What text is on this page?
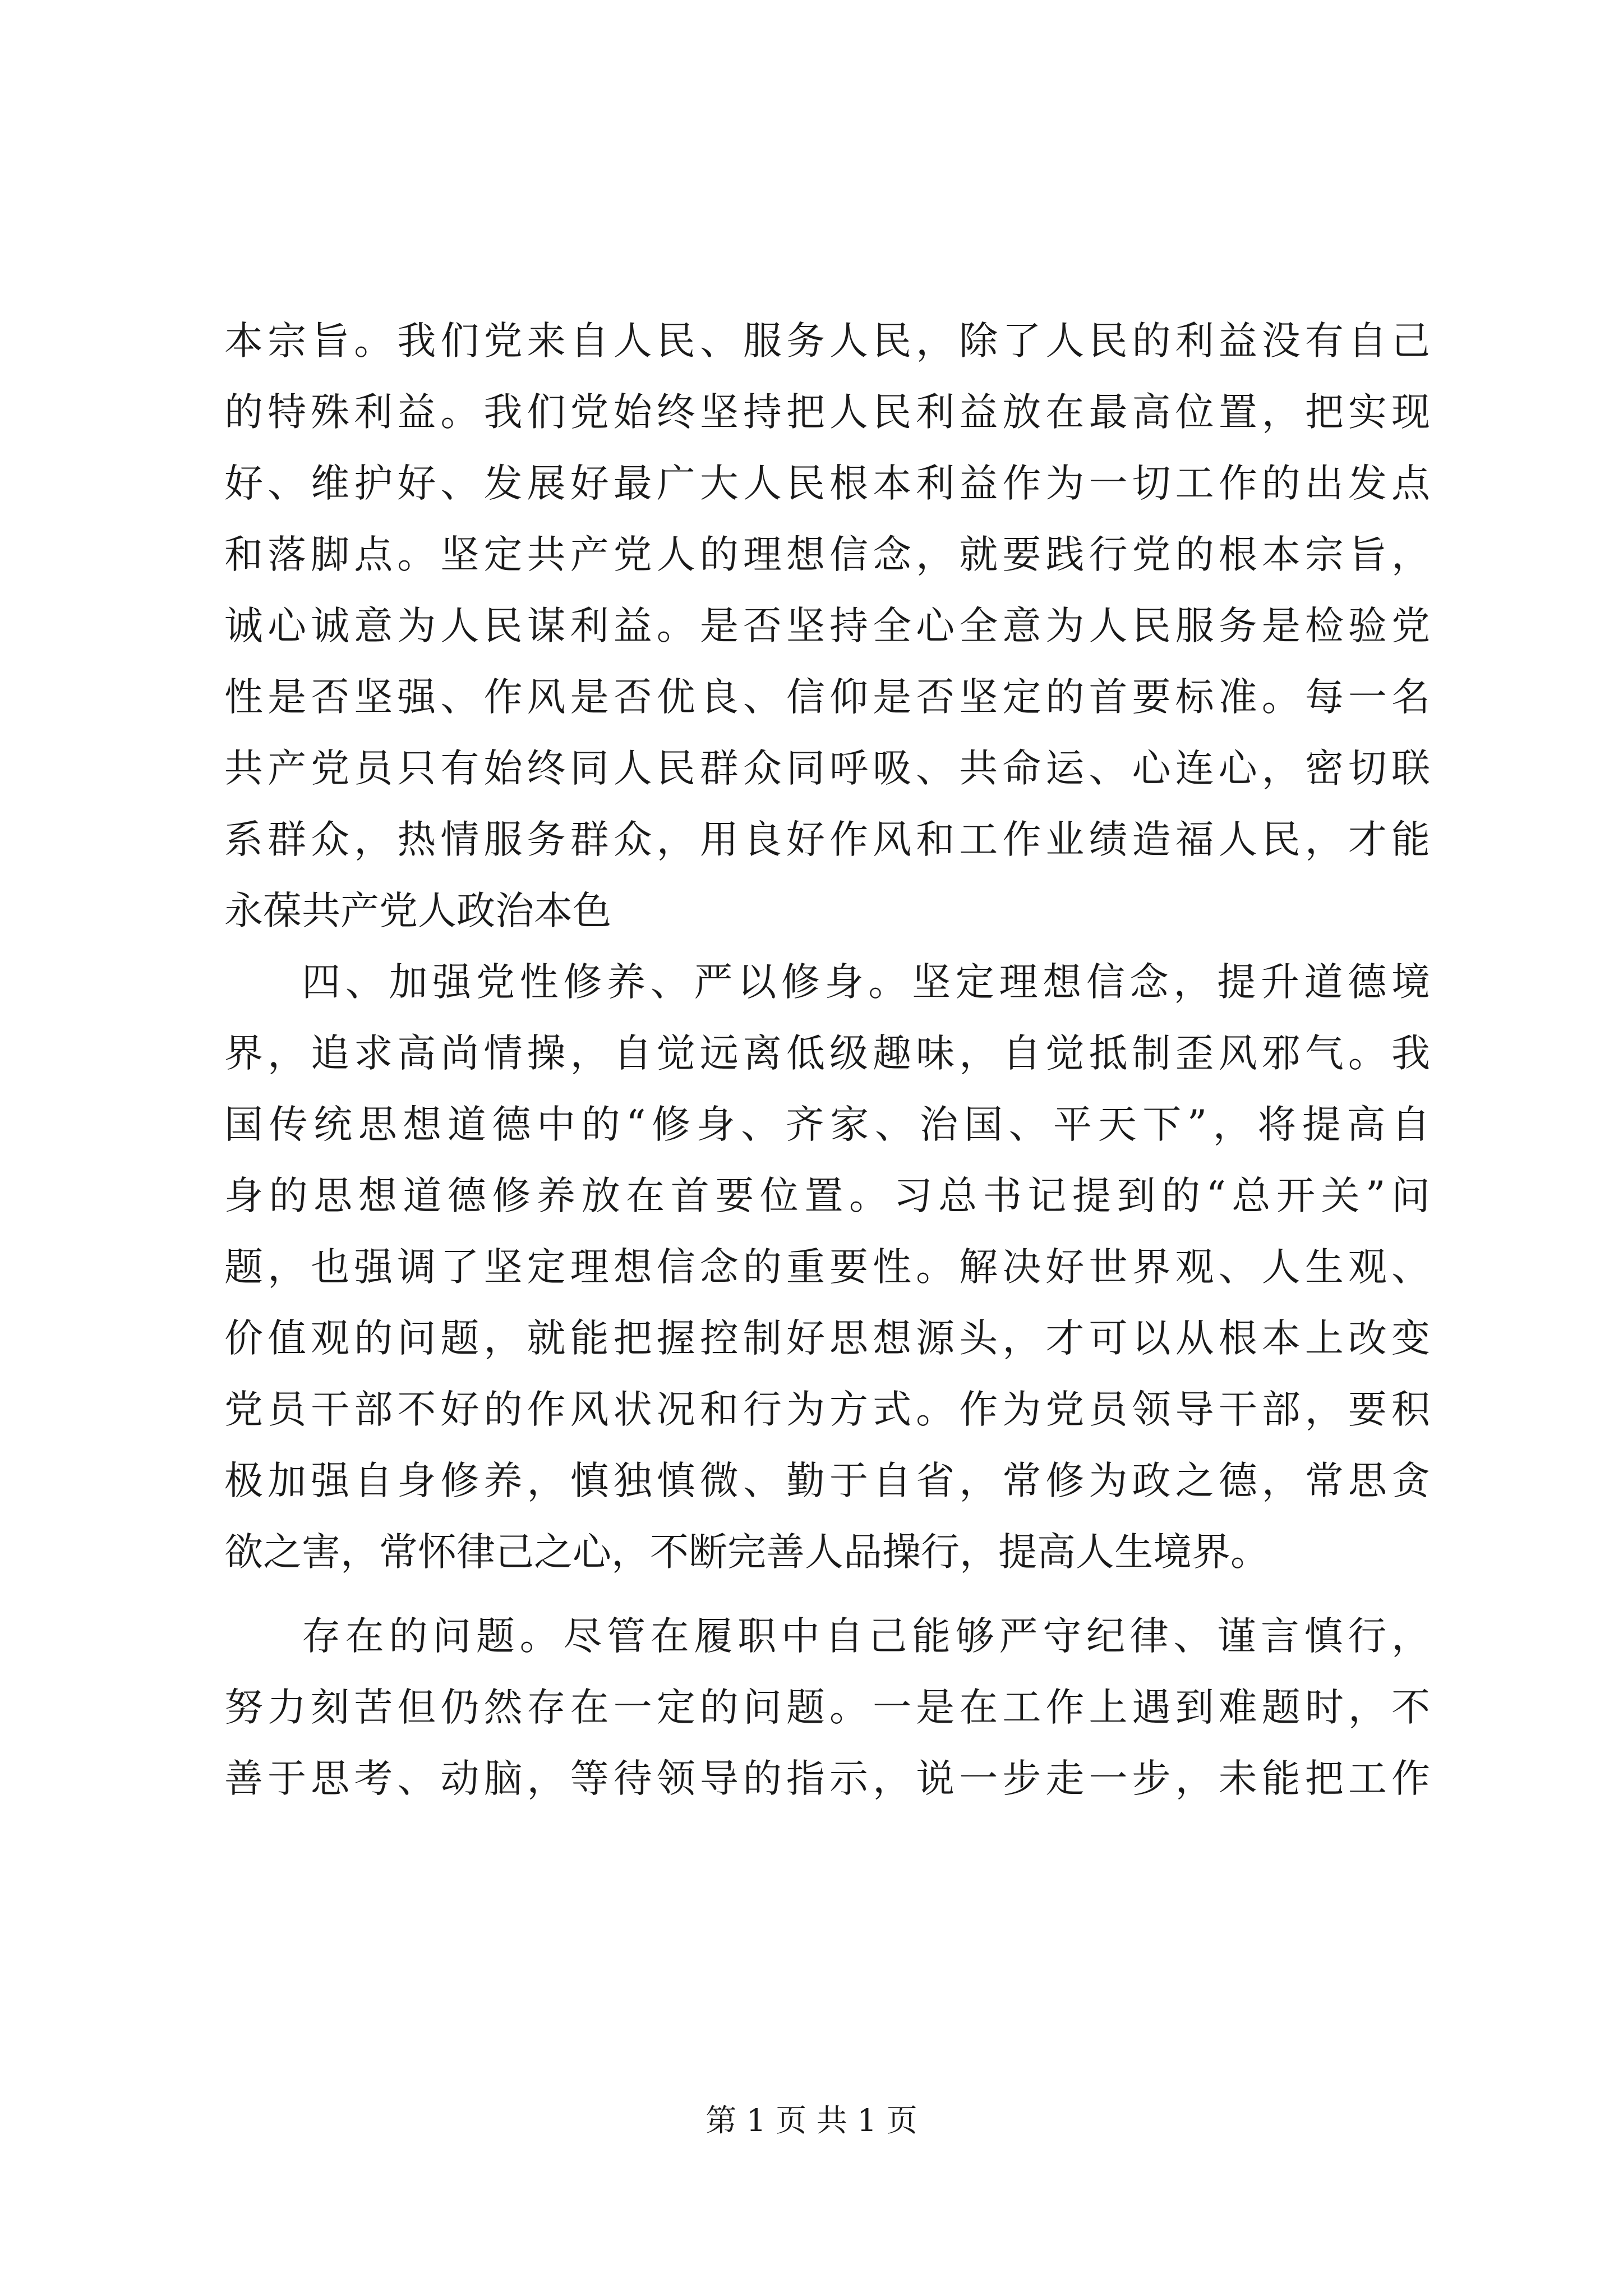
本宗旨。我们党来自人民、服务人民，除了人民的利益没有自己
的特殊利益。我们党始终坚持把人民利益放在最高位置，把实现
好、维护好、发展好最广大人民根本利益作为一切工作的出发点
和落脚点。坚定共产党人的理想信念，就要践行党的根本宗旨，
诚心诚意为人民谋利益。是否坚持全心全意为人民服务是检验党
性是否坚强、作风是否优良、信仰是否坚定的首要标准。每一名
共产党员只有始终同人民群众同呼吸、共命运、心连心，密切联
系群众，热情服务群众，用良好作风和工作业绩造福人民，才能
永葆共产党人政治本色
四、加强党性修养、严以修身。坚定理想信念，提升道德境
界，追求高尚情操，自觉远离低级趣味，自觉抵制歪风邪气。我
国传统思想道德中的“修身、齐家、治国、平天下”，将提高自
身的思想道德修养放在首要位置。习总书记提到的“总开关”问
题，也强调了坚定理想信念的重要性。解决好世界观、人生观、
价值观的问题，就能把握控制好思想源头，才可以从根本上改变
党员干部不好的作风状况和行为方式。作为党员领导干部，要积
极加强自身修养，慎独慎微、勤于自省，常修为政之德，常思贪
欲之害，常怀律己之心，不断完善人品操行，提高人生境界。
存在的问题。尽管在履职中自己能够严守纪律、谨言慎行，
努力刻苦但仍然存在一定的问题。一是在工作上遇到难题时，不
善于思考、动脑，等待领导的指示，说一步走一步，未能把工作
第 1 页 共 1 页
